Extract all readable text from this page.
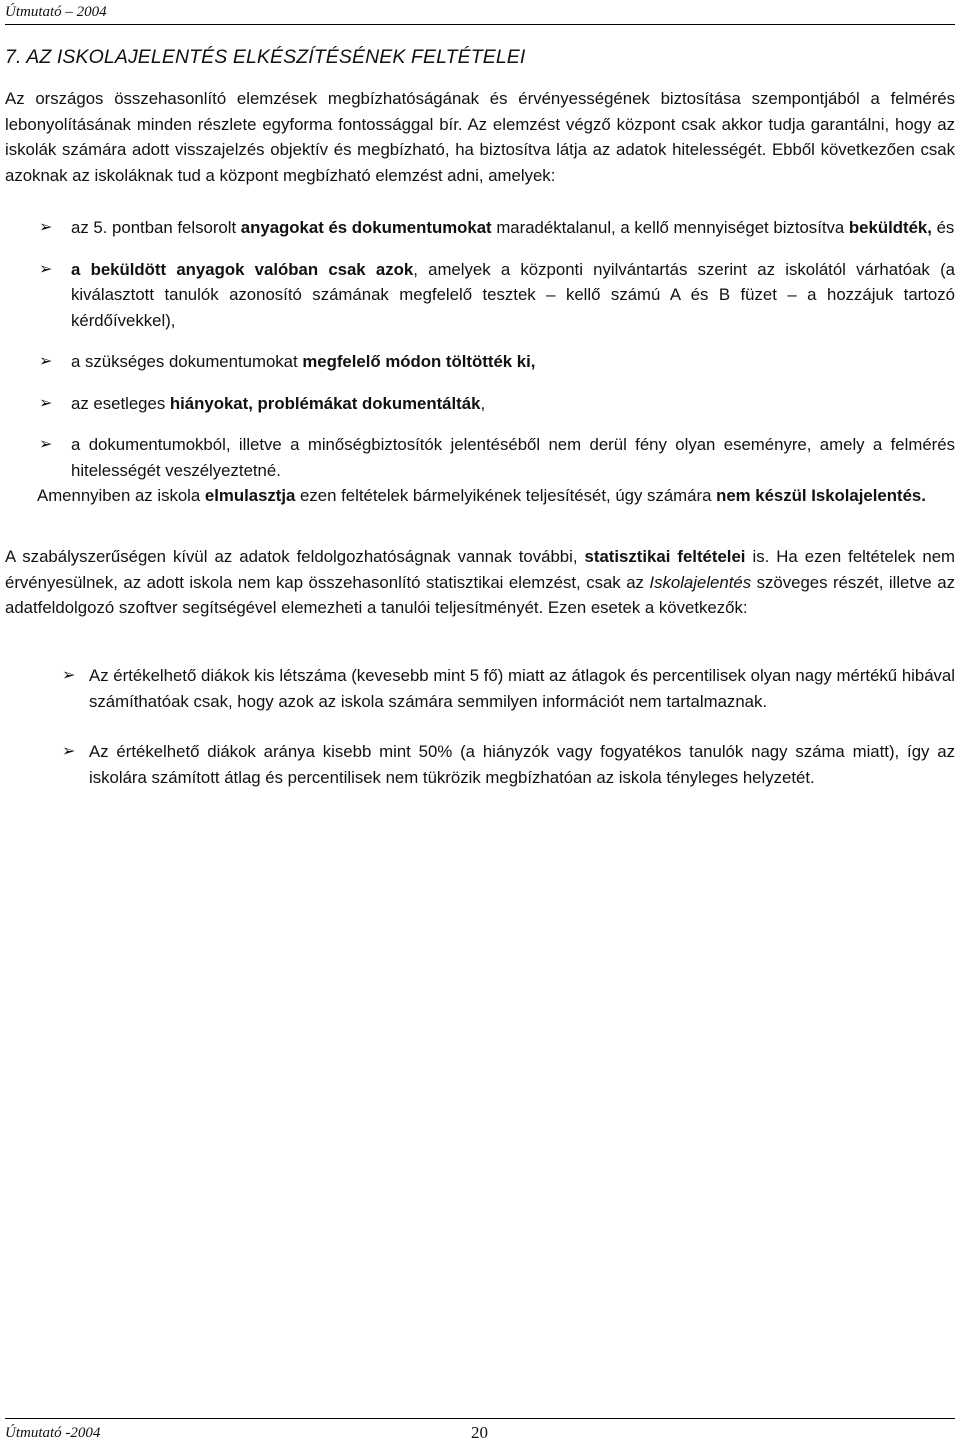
Útmutató – 2004
7. AZ ISKOLAJELENTÉS ELKÉSZÍTÉSÉNEK FELTÉTELEI

Az országos összehasonlító elemzések megbízhatóságának és érvényességének biztosítása szempontjából a felmérés lebonyolításának minden részlete egyforma fontossággal bír. Az elemzést végző központ csak akkor tudja garantálni, hogy az iskolák számára adott visszajelzés objektív és megbízható, ha biztosítva látja az adatok hitelességét. Ebből következően csak azoknak az iskoláknak tud a központ megbízható elemzést adni, amelyek:

➢ az 5. pontban felsorolt anyagokat és dokumentumokat maradéktalanul, a kellő mennyiséget biztosítva beküldték, és
➢ a beküldött anyagok valóban csak azok, amelyek a központi nyilvántartás szerint az iskolától várhatóak (a kiválasztott tanulók azonosító számának megfelelő tesztek – kellő számú A és B füzet – a hozzájuk tartozó kérdőívekkel),
➢ a szükséges dokumentumokat megfelelő módon töltötték ki,
➢ az esetleges hiányokat, problémákat dokumentálták,
➢ a dokumentumokból, illetve a minőségbiztosítók jelentéséből nem derül fény olyan eseményre, amely a felmérés hitelességét veszélyeztetné.
Amennyiben az iskola elmulasztja ezen feltételek bármelyikének teljesítését, úgy számára nem készül Iskolajelentés.

A szabályszerűségen kívül az adatok feldolgozhatóságnak vannak további, statisztikai feltételei is. Ha ezen feltételek nem érvényesülnek, az adott iskola nem kap összehasonlító statisztikai elemzést, csak az Iskolajelentés szöveges részét, illetve az adatfeldolgozó szoftver segítségével elemezheti a tanulói teljesítményét. Ezen esetek a következők:

➢ Az értékelhető diákok kis létszáma (kevesebb mint 5 fő) miatt az átlagok és percentilisek olyan nagy mértékű hibával számíthatóak csak, hogy azok az iskola számára semmilyen információt nem tartalmaznak.
➢ Az értékelhető diákok aránya kisebb mint 50% (a hiányzók vagy fogyatékos tanulók nagy száma miatt), így az iskolára számított átlag és percentilisek nem tükrözik megbízhatóan az iskola tényleges helyzetét.
Útmutató -2004	20
